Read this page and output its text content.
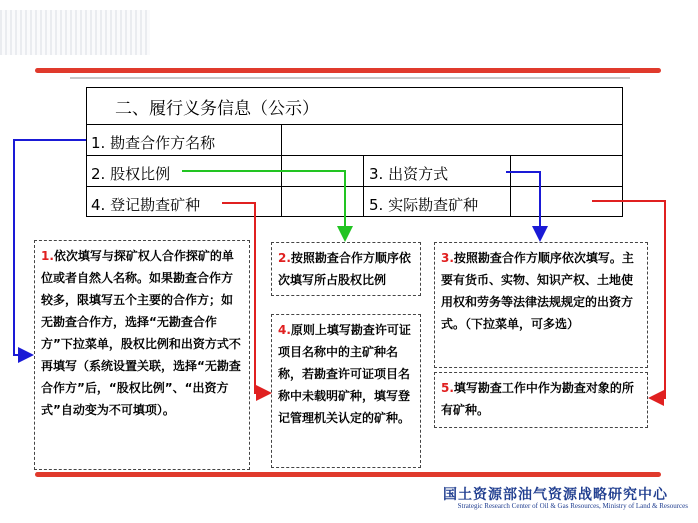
二、履行义务信息（公示）
1. 勘查合作方名称
2. 股权比例	3. 出资方式
4. 登记勘查矿种	5. 实际勘查矿种
1.依次填写与探矿权人合作探矿的单位或者自然人名称。如果勘查合作方较多，限填写五个主要的合作方；如无勘查合作方，选择“无勘查合作方”下拉菜单，股权比例和出资方式不再填写（系统设置关联，选择“无勘查合作方”后，“股权比例”、“出资方式”自动变为不可填项）。
2.按照勘查合作方顺序依次填写所占股权比例
3.按照勘查合作方顺序依次填写。主要有货币、实物、知识产权、土地使用权和劳务等法律法规规定的出资方式。（下拉菜单，可多选）
4.原则上填写勘查许可证项目名称中的主矿种名称，若勘查许可证项目名称中未载明矿种，填写登记管理机关认定的矿种。
5.填写勘查工作中作为勘查对象的所有矿种。
国土资源部油气资源战略研究中心
Strategic Research Center of Oil & Gas Resources, Ministry of Land & Resources
